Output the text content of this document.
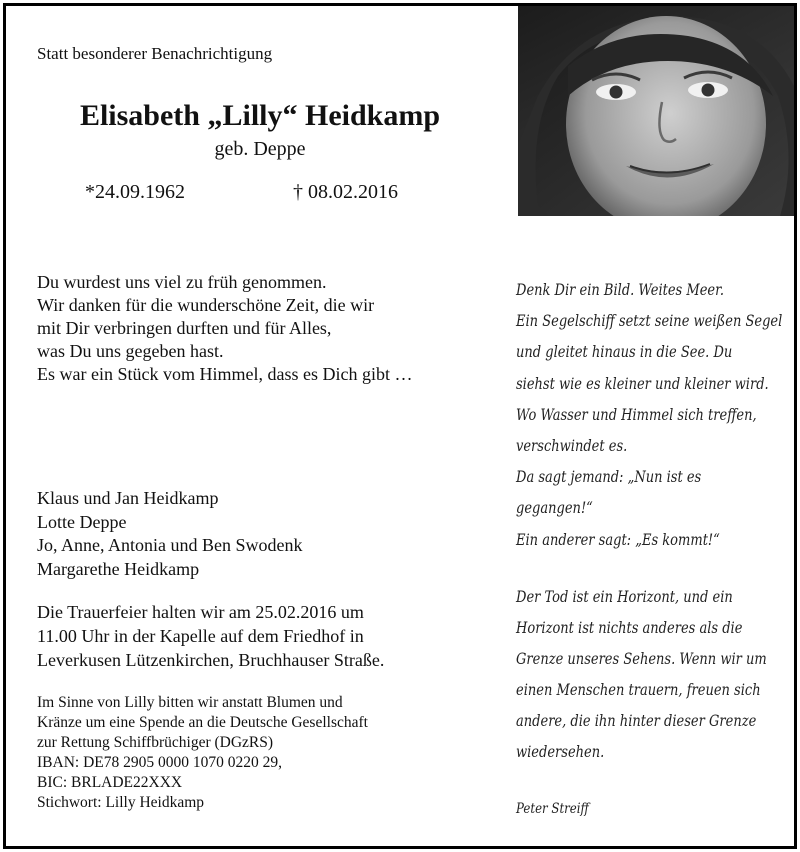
Statt besonderer Benachrichtigung
Elisabeth „Lilly“ Heidkamp
geb. Deppe
*24.09.1962	† 08.02.2016
Du wurdest uns viel zu früh genommen.
Wir danken für die wunderschöne Zeit, die wir
mit Dir verbringen durften und für Alles,
was Du uns gegeben hast.
Es war ein Stück vom Himmel, dass es Dich gibt …
Klaus und Jan Heidkamp
Lotte Deppe
Jo, Anne, Antonia und Ben Swodenk
Margarethe Heidkamp
Die Trauerfeier halten wir am 25.02.2016 um
11.00 Uhr in der Kapelle auf dem Friedhof in
Leverkusen Lützenkirchen, Bruchhauser Straße.
Im Sinne von Lilly bitten wir anstatt Blumen und
Kränze um eine Spende an die Deutsche Gesellschaft
zur Rettung Schiffbrüchiger (DGzRS)
IBAN: DE78 2905 0000 1070 0220 29,
BIC: BRLADE22XXX
Stichwort: Lilly Heidkamp
Denk Dir ein Bild. Weites Meer.
Ein Segelschiff setzt seine weißen Segel
und gleitet hinaus in die See. Du
siehst wie es kleiner und kleiner wird.
Wo Wasser und Himmel sich treffen,
verschwindet es.
Da sagt jemand: „Nun ist es
gegangen!“
Ein anderer sagt: „Es kommt!“
Der Tod ist ein Horizont, und ein
Horizont ist nichts anderes als die
Grenze unseres Sehens. Wenn wir um
einen Menschen trauern, freuen sich
andere, die ihn hinter dieser Grenze
wiedersehen.
Peter Streiff
